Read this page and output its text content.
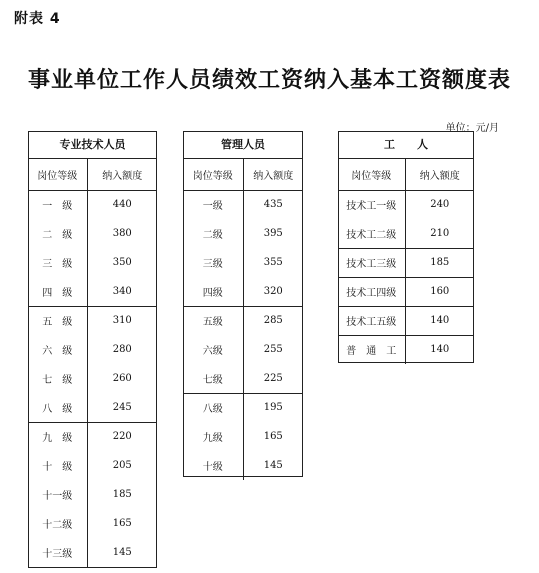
附表 4
事业单位工作人员绩效工资纳入基本工资额度表
单位：元/月
专业技术人员	
岗位等级	纳入额度
一　级	440
二　级	380
三　级	350
四　级	340
五　级	310
六　级	280
七　级	260
八　级	245
九　级	220
十　级	205
十一级	185
十二级	165
十三级	145
管理人员	
岗位等级	纳入额度
一级	435
二级	395
三级	355
四级	320
五级	285
六级	255
七级	225
八级	195
九级	165
十级	145
工　　人	
岗位等级	纳入额度
技术工一级	240
技术工二级	210
技术工三级	185
技术工四级	160
技术工五级	140
普　通　工	140
